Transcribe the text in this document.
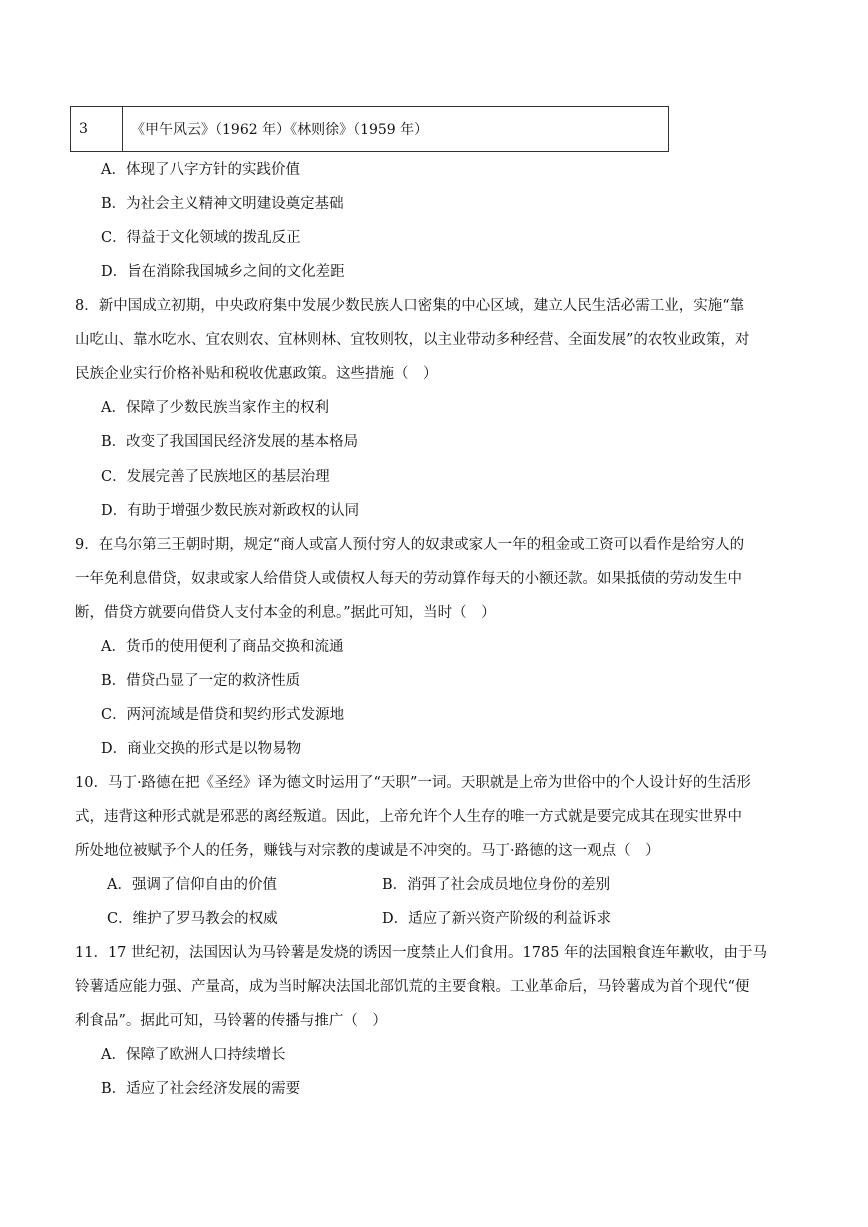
3	《甲午风云》（1962 年）《林则徐》（1959 年）
A．体现了八字方针的实践价值
B．为社会主义精神文明建设奠定基础
C．得益于文化领域的拨乱反正
D．旨在消除我国城乡之间的文化差距
8．新中国成立初期，中央政府集中发展少数民族人口密集的中心区域，建立人民生活必需工业，实施“靠
山吃山、靠水吃水、宜农则农、宜林则林、宜牧则牧，以主业带动多种经营、全面发展”的农牧业政策，对
民族企业实行价格补贴和税收优惠政策。这些措施（　）
A．保障了少数民族当家作主的权利
B．改变了我国国民经济发展的基本格局
C．发展完善了民族地区的基层治理
D．有助于增强少数民族对新政权的认同
9．在乌尔第三王朝时期，规定“商人或富人预付穷人的奴隶或家人一年的租金或工资可以看作是给穷人的
一年免利息借贷，奴隶或家人给借贷人或债权人每天的劳动算作每天的小额还款。如果抵债的劳动发生中
断，借贷方就要向借贷人支付本金的利息。”据此可知，当时（　）
A．货币的使用便利了商品交换和流通
B．借贷凸显了一定的救济性质
C．两河流域是借贷和契约形式发源地
D．商业交换的形式是以物易物
10．马丁·路德在把《圣经》译为德文时运用了“天职”一词。天职就是上帝为世俗中的个人设计好的生活形
式，违背这种形式就是邪恶的离经叛道。因此，上帝允许个人生存的唯一方式就是要完成其在现实世界中
所处地位被赋予个人的任务，赚钱与对宗教的虔诚是不冲突的。马丁·路德的这一观点（　）
A．强调了信仰自由的价值	B．消弭了社会成员地位身份的差别
C．维护了罗马教会的权威	D．适应了新兴资产阶级的利益诉求
11．17 世纪初，法国因认为马铃薯是发烧的诱因一度禁止人们食用。1785 年的法国粮食连年歉收，由于马
铃薯适应能力强、产量高，成为当时解决法国北部饥荒的主要食粮。工业革命后，马铃薯成为首个现代“便
利食品”。据此可知，马铃薯的传播与推广（　）
A．保障了欧洲人口持续增长
B．适应了社会经济发展的需要
